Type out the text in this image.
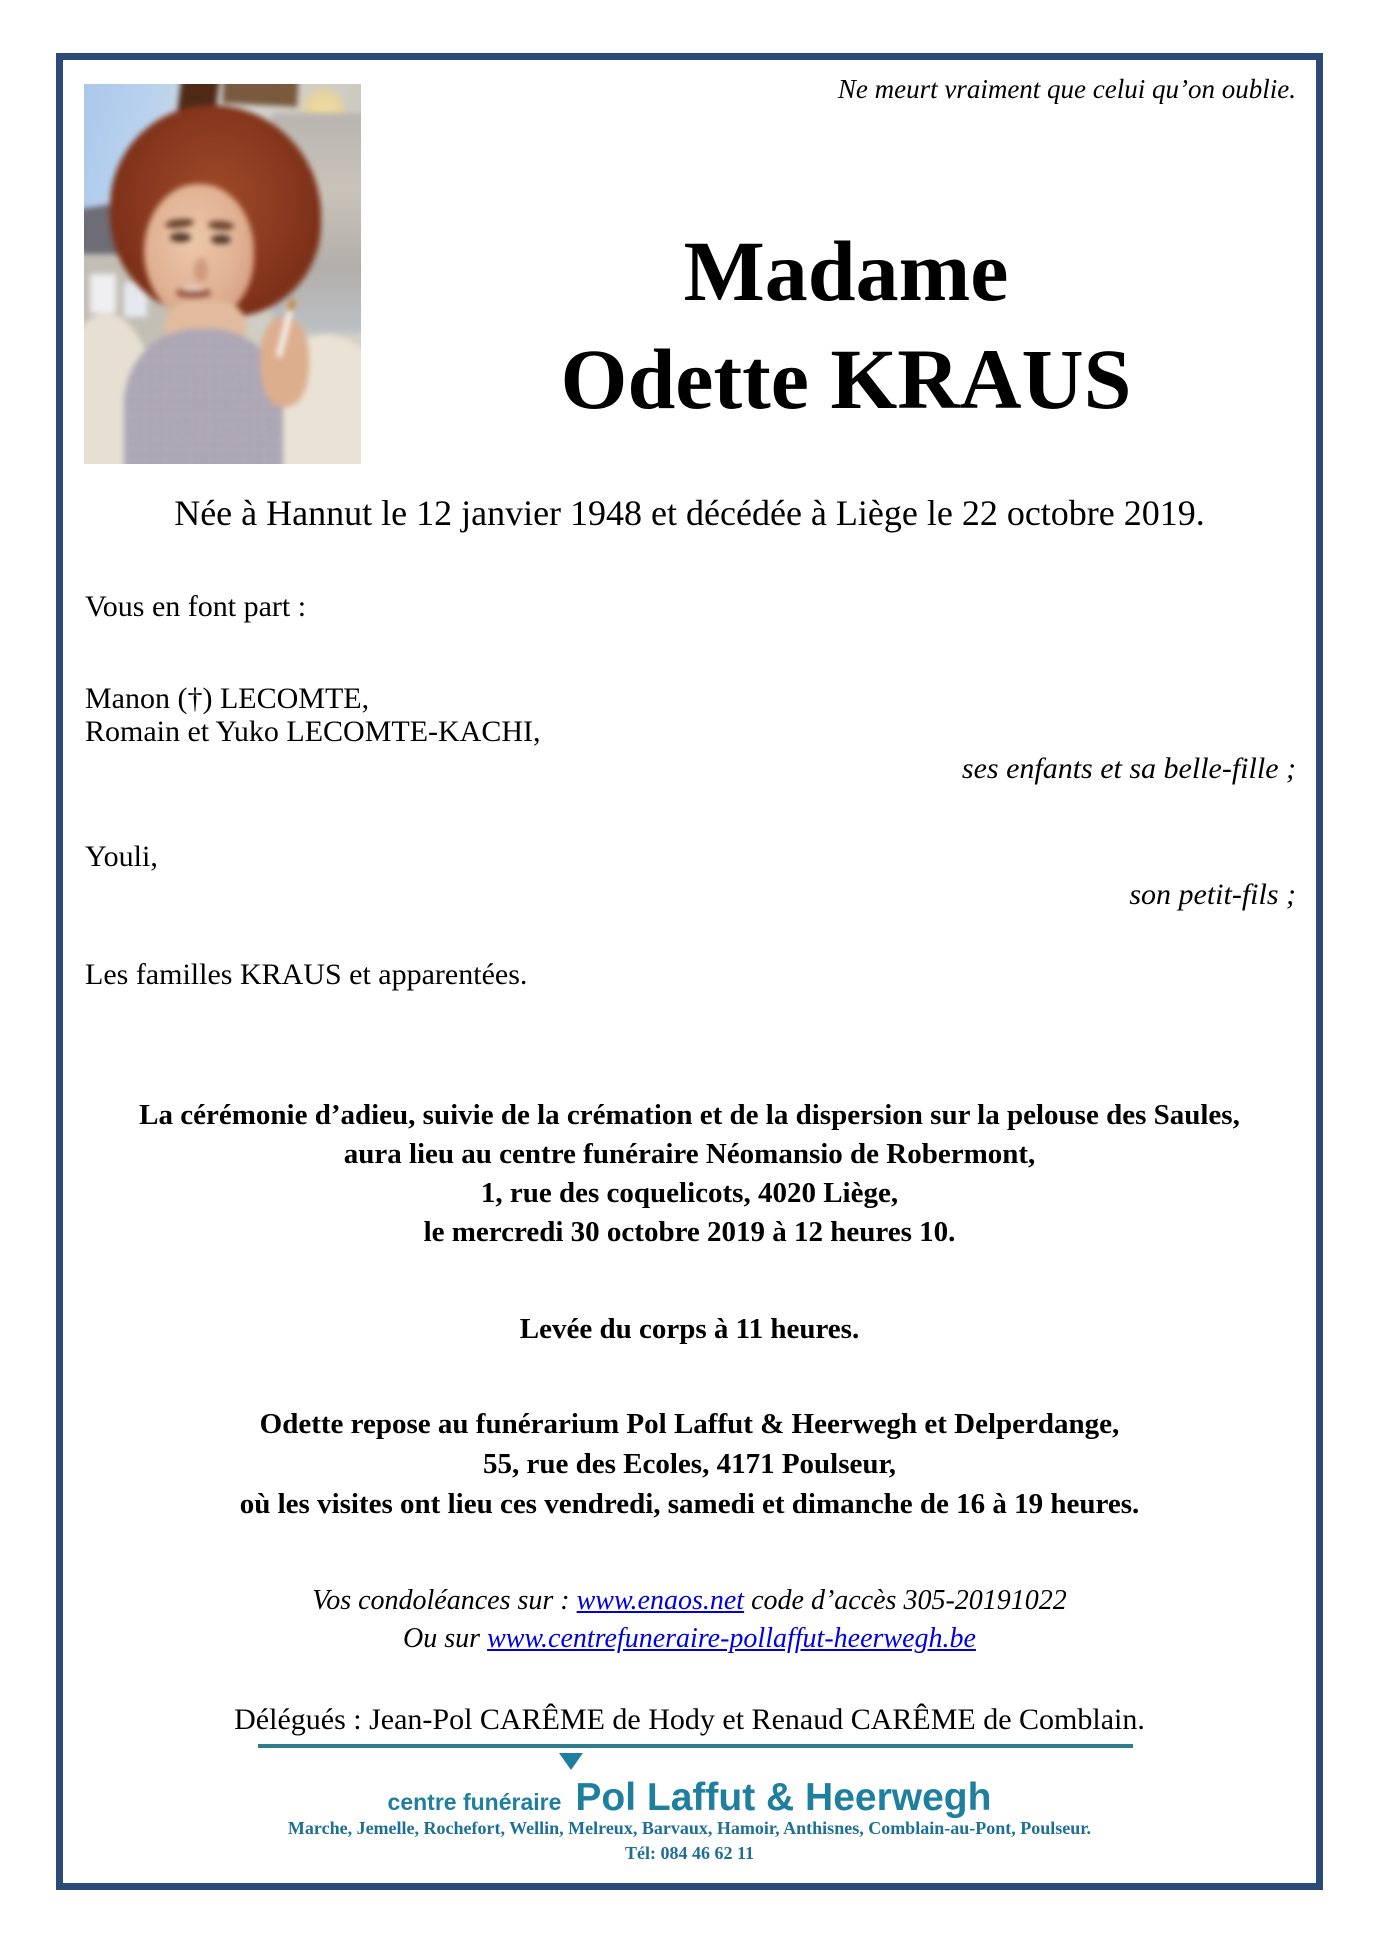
Ne meurt vraiment que celui qu’on oublie.
Madame
Odette KRAUS
Née à Hannut le 12 janvier 1948 et décédée à Liège le 22 octobre 2019.
Vous en font part :
Manon (†) LECOMTE,
Romain et Yuko LECOMTE-KACHI,
ses enfants et sa belle-fille ;
Youli,
son petit-fils ;
Les familles KRAUS et apparentées.
La cérémonie d’adieu, suivie de la crémation et de la dispersion sur la pelouse des Saules,
aura lieu au centre funéraire Néomansio de Robermont,
1, rue des coquelicots, 4020 Liège,
le mercredi 30 octobre 2019 à 12 heures 10.
Levée du corps à 11 heures.
Odette repose au funérarium Pol Laffut & Heerwegh et Delperdange,
55, rue des Ecoles, 4171 Poulseur,
où les visites ont lieu ces vendredi, samedi et dimanche de 16 à 19 heures.
Vos condoléances sur : www.enaos.net code d’accès 305-20191022
Ou sur www.centrefuneraire-pollaffut-heerwegh.be
Délégués : Jean-Pol CARÊME de Hody et Renaud CARÊME de Comblain.
centre funéraire Pol Laffut & Heerwegh
Marche, Jemelle, Rochefort, Wellin, Melreux, Barvaux, Hamoir, Anthisnes, Comblain-au-Pont, Poulseur.
Tél: 084 46 62 11
